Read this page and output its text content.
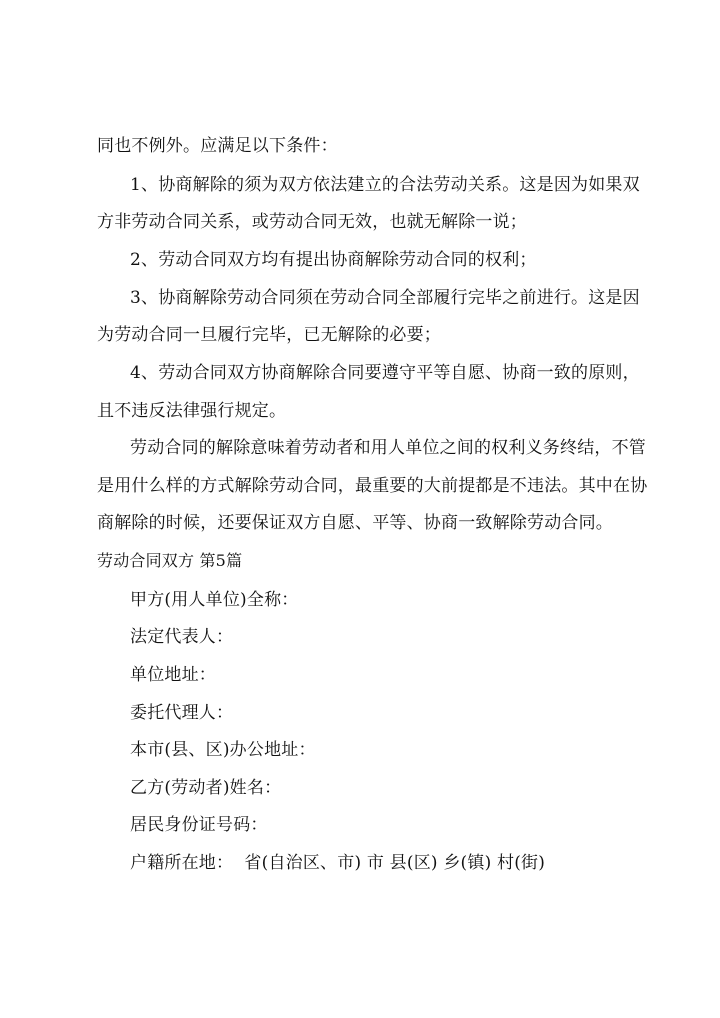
同也不例外。应满足以下条件：
1、协商解除的须为双方依法建立的合法劳动关系。这是因为如果双
方非劳动合同关系，或劳动合同无效，也就无解除一说；
2、劳动合同双方均有提出协商解除劳动合同的权利；
3、协商解除劳动合同须在劳动合同全部履行完毕之前进行。这是因
为劳动合同一旦履行完毕，已无解除的必要；
4、劳动合同双方协商解除合同要遵守平等自愿、协商一致的原则，
且不违反法律强行规定。
劳动合同的解除意味着劳动者和用人单位之间的权利义务终结，不管
是用什么样的方式解除劳动合同，最重要的大前提都是不违法。其中在协
商解除的时候，还要保证双方自愿、平等、协商一致解除劳动合同。
劳动合同双方 第5篇
甲方(用人单位)全称：
法定代表人：
单位地址：
委托代理人：
本市(县、区)办公地址：
乙方(劳动者)姓名：
居民身份证号码：
户籍所在地：  省(自治区、市) 市 县(区) 乡(镇) 村(街)
